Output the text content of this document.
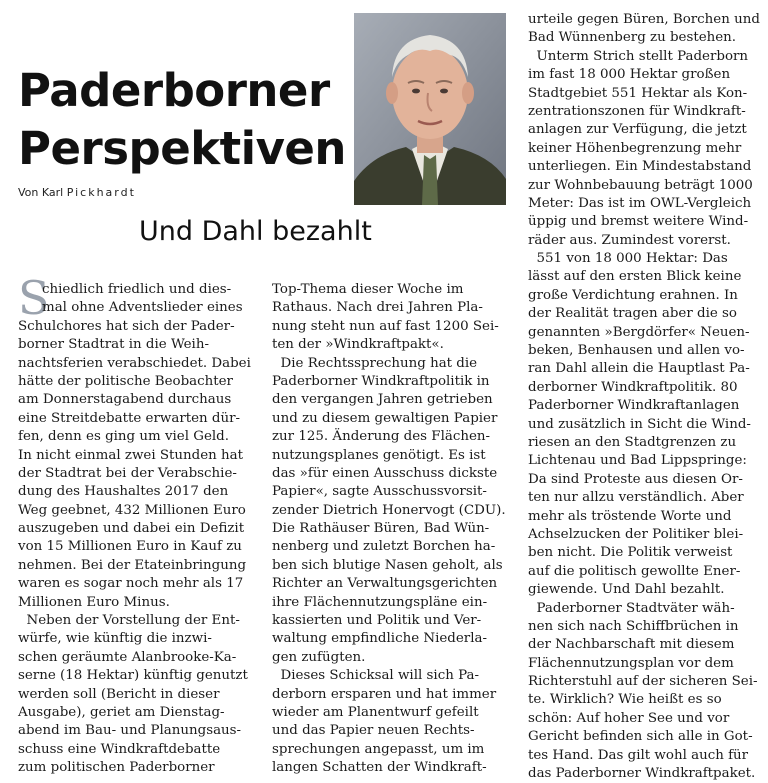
Paderborner
Perspektiven
Von Karl Pickhardt
Und Dahl bezahlt
S
chiedlich friedlich und dies-
mal ohne Adventslieder eines
Schulchores hat sich der Pader-
borner Stadtrat in die Weih-
nachtsferien verabschiedet. Dabei
hätte der politische Beobachter
am Donnerstagabend durchaus
eine Streitdebatte erwarten dür-
fen, denn es ging um viel Geld.
In nicht einmal zwei Stunden hat
der Stadtrat bei der Verabschie-
dung des Haushaltes 2017 den
Weg geebnet, 432 Millionen Euro
auszugeben und dabei ein Defizit
von 15 Millionen Euro in Kauf zu
nehmen. Bei der Etateinbringung
waren es sogar noch mehr als 17
Millionen Euro Minus.
Neben der Vorstellung der Ent-
würfe, wie künftig die inzwi-
schen geräumte Alanbrooke-Ka-
serne (18 Hektar) künftig genutzt
werden soll (Bericht in dieser
Ausgabe), geriet am Dienstag-
abend im Bau- und Planungsaus-
schuss eine Windkraftdebatte
zum politischen Paderborner
Top-Thema dieser Woche im
Rathaus. Nach drei Jahren Pla-
nung steht nun auf fast 1200 Sei-
ten der »Windkraftpakt«.
Die Rechtssprechung hat die
Paderborner Windkraftpolitik in
den vergangen Jahren getrieben
und zu diesem gewaltigen Papier
zur 125. Änderung des Flächen-
nutzungsplanes genötigt. Es ist
das »für einen Ausschuss dickste
Papier«, sagte Ausschussvorsit-
zender Dietrich Honervogt (CDU).
Die Rathäuser Büren, Bad Wün-
nenberg und zuletzt Borchen ha-
ben sich blutige Nasen geholt, als
Richter an Verwaltungsgerichten
ihre Flächennutzungspläne ein-
kassierten und Politik und Ver-
waltung empfindliche Niederla-
gen zufügten.
Dieses Schicksal will sich Pa-
derborn ersparen und hat immer
wieder am Planentwurf gefeilt
und das Papier neuen Rechts-
sprechungen angepasst, um im
langen Schatten der Windkraft-
urteile gegen Büren, Borchen und
Bad Wünnenberg zu bestehen.
Unterm Strich stellt Paderborn
im fast 18 000 Hektar großen
Stadtgebiet 551 Hektar als Kon-
zentrationszonen für Windkraft-
anlagen zur Verfügung, die jetzt
keiner Höhenbegrenzung mehr
unterliegen. Ein Mindestabstand
zur Wohnbebauung beträgt 1000
Meter: Das ist im OWL-Vergleich
üppig und bremst weitere Wind-
räder aus. Zumindest vorerst.
551 von 18 000 Hektar: Das
lässt auf den ersten Blick keine
große Verdichtung erahnen. In
der Realität tragen aber die so
genannten »Bergdörfer« Neuen-
beken, Benhausen und allen vo-
ran Dahl allein die Hauptlast Pa-
derborner Windkraftpolitik. 80
Paderborner Windkraftanlagen
und zusätzlich in Sicht die Wind-
riesen an den Stadtgrenzen zu
Lichtenau und Bad Lippspringe:
Da sind Proteste aus diesen Or-
ten nur allzu verständlich. Aber
mehr als tröstende Worte und
Achselzucken der Politiker blei-
ben nicht. Die Politik verweist
auf die politisch gewollte Ener-
giewende. Und Dahl bezahlt.
Paderborner Stadtväter wäh-
nen sich nach Schiffbrüchen in
der Nachbarschaft mit diesem
Flächennutzungsplan vor dem
Richterstuhl auf der sicheren Sei-
te. Wirklich? Wie heißt es so
schön: Auf hoher See und vor
Gericht befinden sich alle in Got-
tes Hand. Das gilt wohl auch für
das Paderborner Windkraftpaket.
